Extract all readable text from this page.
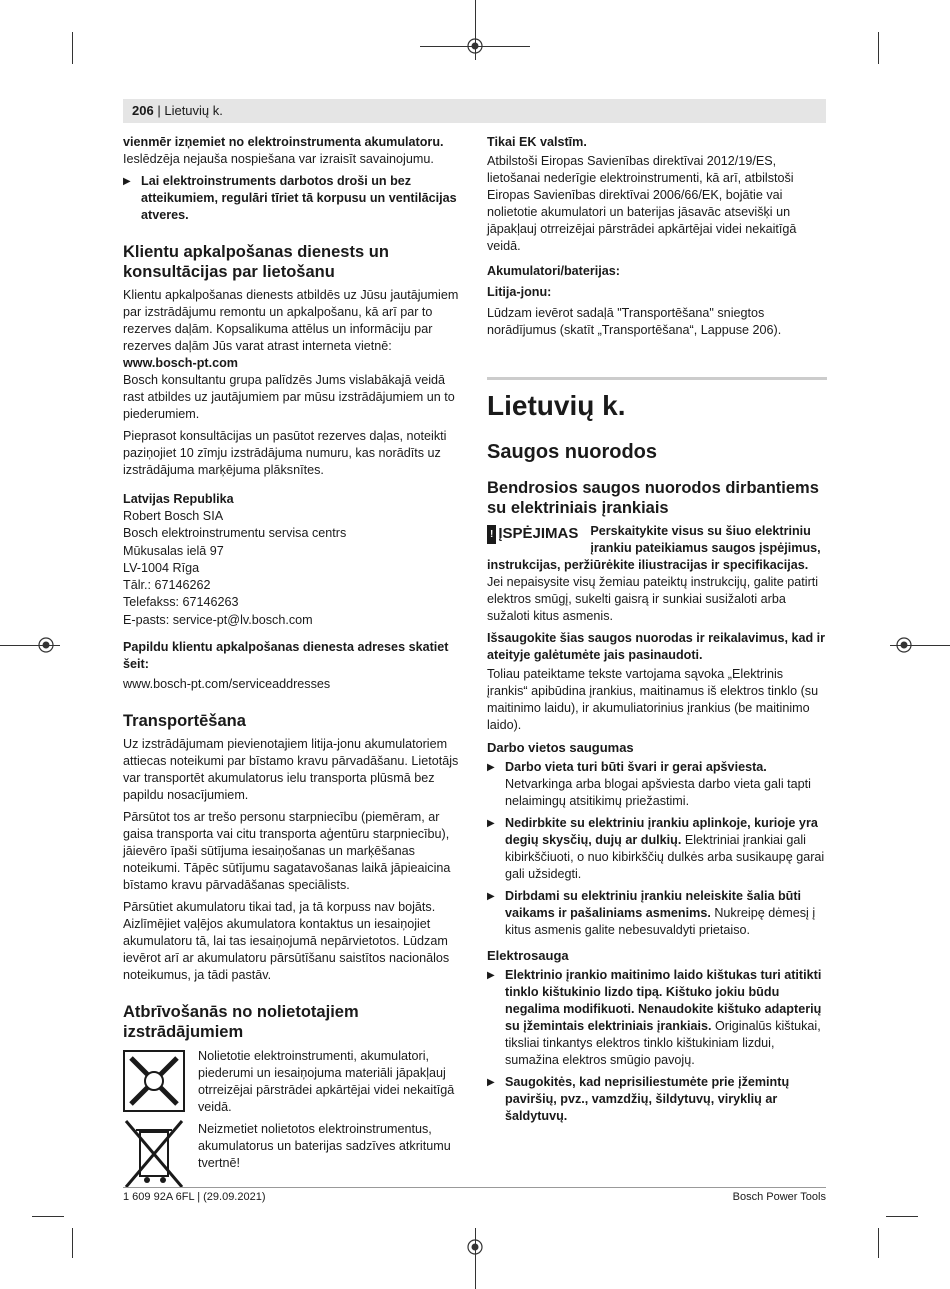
206 | Lietuvių k.

vienmēr izņemiet no elektroinstrumenta akumulatoru.

Ieslēdzēja nejauša nospiešana var izraisīt savainojumu.

▶ Lai elektroinstruments darbotos droši un bez atteikumiem, regulāri tīriet tā korpusu un ventilācijas atveres.

Klientu apkalpošanas dienests un konsultācijas par lietošanu

Klientu apkalpošanas dienests atbildēs uz Jūsu jautājumiem par izstrādājumu remontu un apkalpošanu, kā arī par to rezerves daļām. Kopsalikuma attēlus un informāciju par rezerves daļām Jūs varat atrast interneta vietnē:

www.bosch-pt.com

Bosch konsultantu grupa palīdzēs Jums vislabākajā veidā rast atbildes uz jautājumiem par mūsu izstrādājumiem un to piederumiem.

Pieprasot konsultācijas un pasūtot rezerves daļas, noteikti paziņojiet 10 zīmju izstrādājuma numuru, kas norādīts uz izstrādājuma marķējuma plāksnītes.

Latvijas Republika

Robert Bosch SIA
Bosch elektroinstrumentu servisa centrs
Mūkusalas ielā 97
LV-1004 Rīga
Tālr.: 67146262
Telefakss: 67146263
E-pasts: service-pt@lv.bosch.com

Papildu klientu apkalpošanas dienesta adreses skatiet šeit:

www.bosch-pt.com/serviceaddresses

Transportēšana

Uz izstrādājumam pievienotajiem litija-jonu akumulatoriem attiecas noteikumi par bīstamo kravu pārvadāšanu. Lietotājs var transportēt akumulatorus ielu transporta plūsmā bez papildu nosacījumiem.

Pārsūtot tos ar trešo personu starpniecību (piemēram, ar gaisa transporta vai citu transporta aģentūru starpniecību), jāievēro īpaši sūtījuma iesaiņošanas un marķēšanas noteikumi. Tāpēc sūtījumu sagatavošanas laikā jāpieaicina bīstamo kravu pārvadāšanas speciālists.

Pārsūtiet akumulatoru tikai tad, ja tā korpuss nav bojāts. Aizlīmējiet vaļējos akumulatora kontaktus un iesaiņojiet akumulatoru tā, lai tas iesaiņojumā nepārvietotos. Lūdzam ievērot arī ar akumulatoru pārsūtīšanu saistītos nacionālos noteikumus, ja tādi pastāv.

Atbrīvošanās no nolietotajiem izstrādājumiem

Nolietotie elektroinstrumenti, akumulatori, piederumi un iesaiņojuma materiāli jāpakļauj otrreizējai pārstrādei apkārtējai videi nekaitīgā veidā.

Neizmetiet nolietotos elektroinstrumentus, akumulatorus un baterijas sadzīves atkritumu tvertnē!

Tikai EK valstīm.

Atbilstoši Eiropas Savienības direktīvai 2012/19/ES, lietošanai nederīgie elektroinstrumenti, kā arī, atbilstoši Eiropas Savienības direktīvai 2006/66/EK, bojātie vai nolietotie akumulatori un baterijas jāsavāc atsevišķi un jāpakļauj otrreizējai pārstrādei apkārtējai videi nekaitīgā veidā.

Akumulatori/baterijas:

Litija-jonu:

Lūdzam ievērot sadaļā "Transportēšana" sniegtos norādījumus (skatīt „Transportēšana“, Lappuse 206).

Lietuvių k.
Saugos nuorodos
Bendrosios saugos nuorodos dirbantiems su elektriniais įrankiais
! ĮSPĖJIMAS Perskaitykite visus su šiuo elektriniu įrankiu pateikiamus saugos įspėjimus, instrukcijas, peržiūrėkite iliustracijas ir specifikacijas. Jei nepaisysite visų žemiau pateiktų instrukcijų, galite patirti elektros smūgį, sukelti gaisrą ir sunkiai susižaloti arba sužaloti kitus asmenis.

Išsaugokite šias saugos nuorodas ir reikalavimus, kad ir ateityje galėtumėte jais pasinaudoti.

Toliau pateiktame tekste vartojama sąvoka „Elektrinis įrankis“ apibūdina įrankius, maitinamus iš elektros tinklo (su maitinimo laidu), ir akumuliatorinius įrankius (be maitinimo laido).

Darbo vietos saugumas
▶ Darbo vieta turi būti švari ir gerai apšviesta. Netvarkinga arba blogai apšviesta darbo vieta gali tapti nelaimingų atsitikimų priežastimi.
▶ Nedirbkite su elektriniu įrankiu aplinkoje, kurioje yra degių skysčių, dujų ar dulkių. Elektriniai įrankiai gali kibirkščiuoti, o nuo kibirkščių dulkės arba susikaupę garai gali užsidegti.
▶ Dirbdami su elektriniu įrankiu neleiskite šalia būti vaikams ir pašaliniams asmenims. Nukreipę dėmesį į kitus asmenis galite nebesuvaldyti prietaiso.
Elektrosauga
▶ Elektrinio įrankio maitinimo laido kištukas turi atitikti tinklo kištukinio lizdo tipą. Kištuko jokiu būdu negalima modifikuoti. Nenaudokite kištuko adapterių su įžemintais elektriniais įrankiais. Originalūs kištukai, tiksliai tinkantys elektros tinklo kištukiniam lizdui, sumažina elektros smūgio pavojų.
▶ Saugokitės, kad neprisiliestumėte prie įžemintų paviršių, pvz., vamzdžių, šildytuvų, viryklių ar šaldytuvų.
1 609 92A 6FL | (29.09.2021)	Bosch Power Tools
